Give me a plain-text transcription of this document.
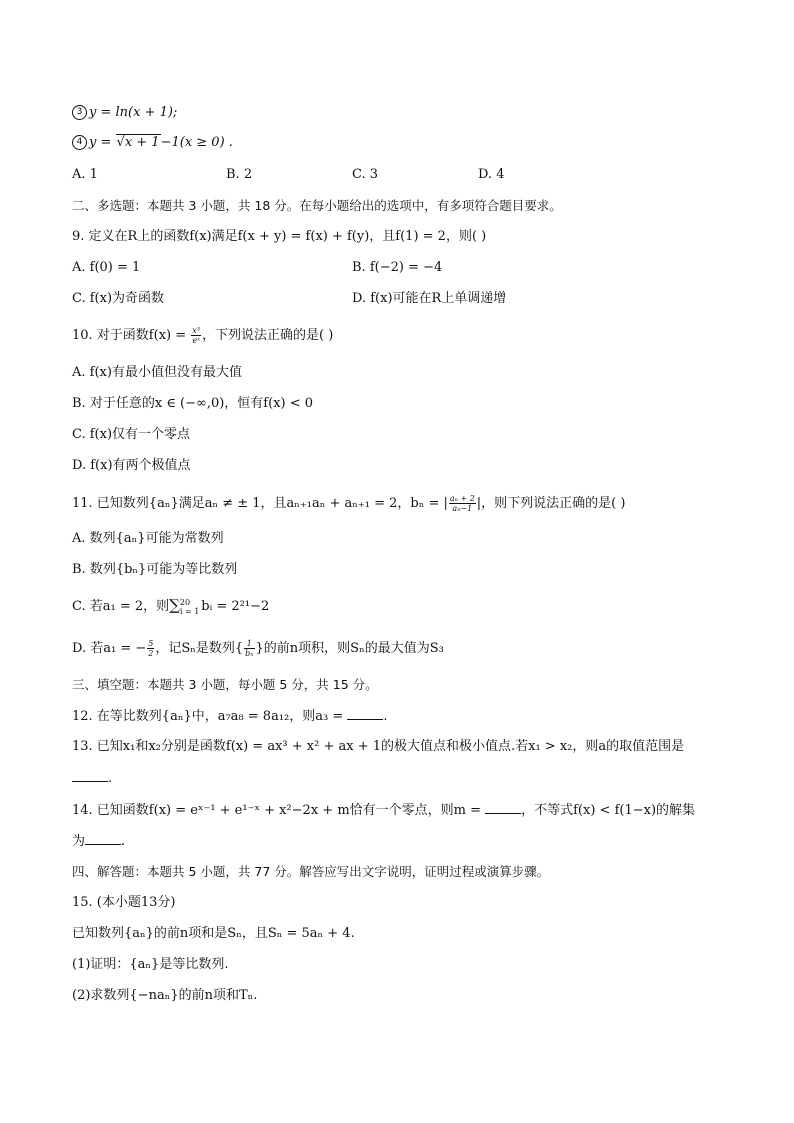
3 y = ln(x + 1);
4 y = √x + 1−1(x ≥ 0) .
A. 1	B. 2	C. 3	D. 4
二、多选题：本题共 3 小题，共 18 分。在每小题给出的选项中，有多项符合题目要求。
9. 定义在R上的函数f(x)满足f(x + y) = f(x) + f(y)，且f(1) = 2，则( )
A. f(0) = 1	B. f(−2) = −4
C. f(x)为奇函数	D. f(x)可能在R上单调递增
10. 对于函数$f(x) = \frac{\text{x³}}{\text{eˣ}}$ ，下列说法正确的是( )
A. f(x)有最小值但没有最大值
B. 对于任意的x ∈ (−∞,0)，恒有f(x) < 0
C. f(x)仅有一个零点
D. f(x)有两个极值点
11. 已知数列{aₙ}满足aₙ ≠ ± 1，且aₙ₊₁aₙ + aₙ₊₁ = 2，bₙ = | $\frac{\text{aₙ + 2}}{\text{aₙ−1}}$ |，则下列说法正确的是( )
A. 数列{aₙ}可能为常数列
B. 数列{bₙ}可能为等比数列
C. 若a₁ = 2，则∑ 20
i = 1 bᵢ = 2²¹−2
D. 若a₁ = − $\frac{5}{2}$ ，记Sₙ是数列{ $\frac{1}{\text{bₙ}}$ }的前n项积，则Sₙ的最大值为S₃
三、填空题：本题共 3 小题，每小题 5 分，共 15 分。
12. 在等比数列{aₙ}中，a₇a₈ = 8a₁₂，则a₃ =	.
13. 已知x₁和x₂分别是函数f(x) = ax³ + x² + ax + 1的极大值点和极小值点.若x₁ > x₂，则a的取值范围是
.
14. 已知函数f(x) = eˣ⁻¹ + e¹⁻ˣ + x²−2x + m恰有一个零点，则m =	，不等式f(x) < f(1−x)的解集
为	.
四、解答题：本题共 5 小题，共 77 分。解答应写出文字说明，证明过程或演算步骤。
15. (本小题13分)
已知数列{aₙ}的前n项和是Sₙ，且Sₙ = 5aₙ + 4.
(1)证明：{aₙ}是等比数列.
(2)求数列{−naₙ}的前n项和Tₙ.
